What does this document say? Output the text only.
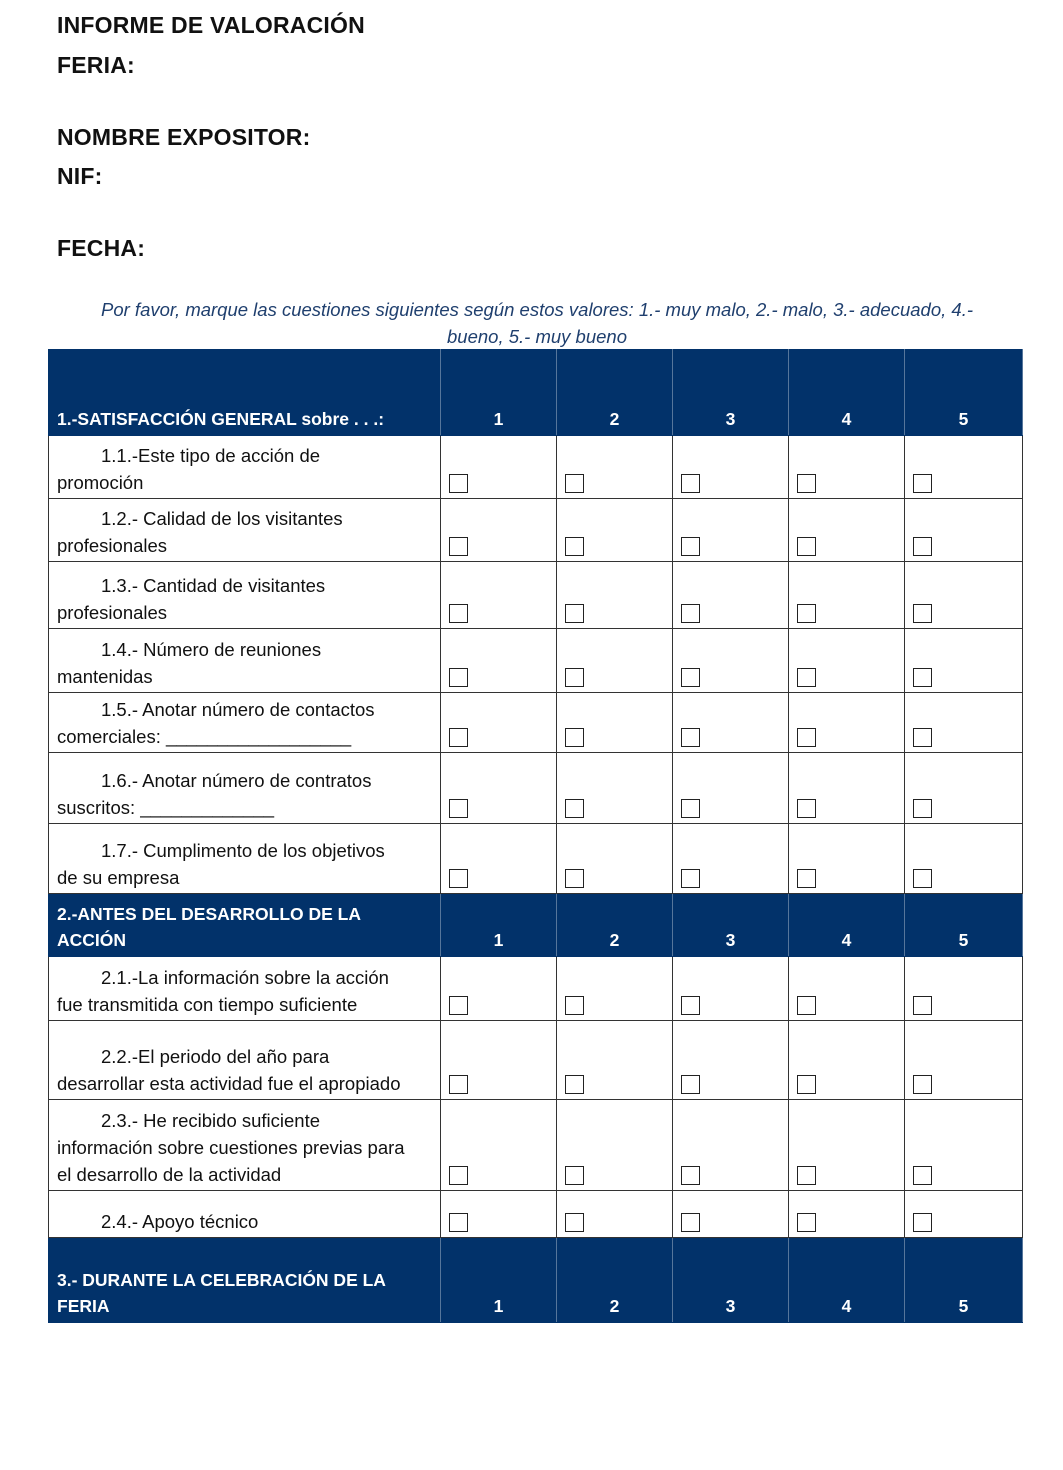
INFORME DE VALORACIÓN

FERIA:

NOMBRE EXPOSITOR:

NIF:

FECHA:

Por favor, marque las cuestiones siguientes según estos valores: 1.- muy malo, 2.- malo, 3.- adecuado, 4.-
bueno, 5.- muy bueno
1.-SATISFACCIÓN GENERAL sobre . . .:	1	2	3	4	5

1.1.-Este tipo de acción de
promoción					

1.2.- Calidad de los visitantes
profesionales					

1.3.- Cantidad de visitantes
profesionales					

1.4.- Número de reuniones
mantenidas					

1.5.- Anotar número de contactos
comerciales: __________________					

1.6.- Anotar número de contratos
suscritos: _____________					

1.7.- Cumplimento de los objetivos
de su empresa					

2.-ANTES DEL DESARROLLO DE LA
ACCIÓN	1	2	3	4	5

2.1.-La información sobre la acción
fue transmitida con tiempo suficiente					

2.2.-El periodo del año para
desarrollar esta actividad fue el apropiado					

2.3.- He recibido suficiente
información sobre cuestiones previas para
el desarrollo de la actividad					

2.4.- Apoyo técnico					

3.- DURANTE LA CELEBRACIÓN DE LA
FERIA	1	2	3	4	5
